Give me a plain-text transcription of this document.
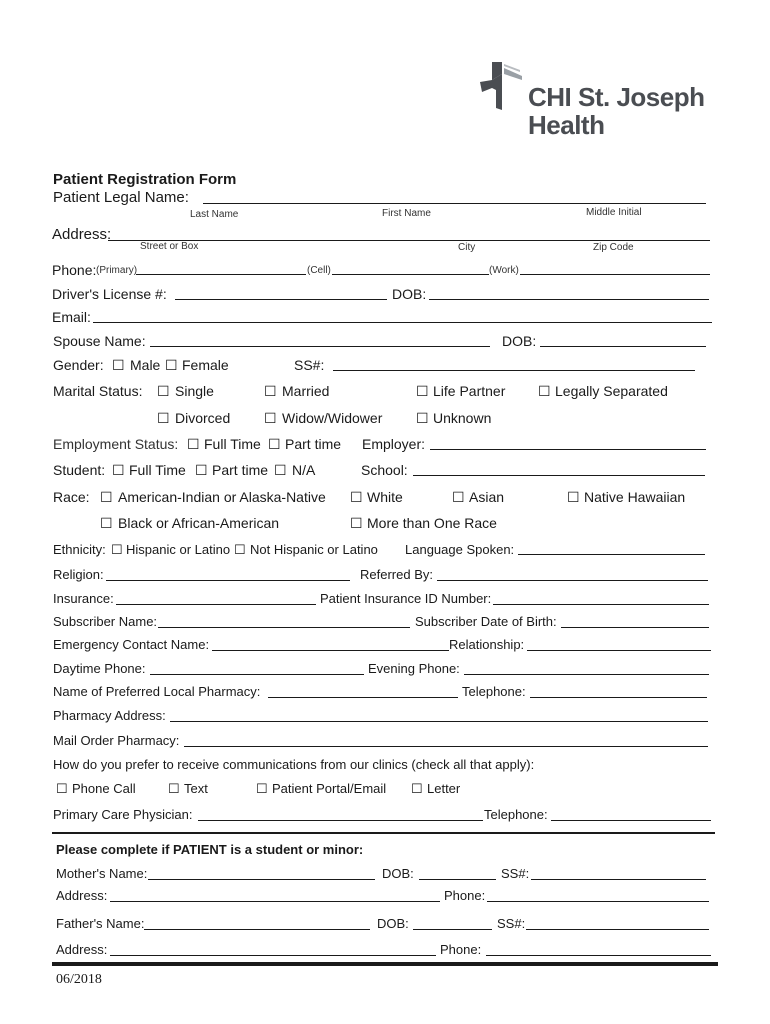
CHI St. Joseph
Health
Patient Registration Form
Patient Legal Name:
Last Name	First Name	Middle Initial
Address:
Street or Box	City	Zip Code
Phone: (Primary)	(Cell)	(Work)
Driver's License #:	DOB:
Email:
Spouse Name:	DOB:
Gender: ☐ Male ☐ Female	SS#:
Marital Status: ☐ Single	☐ Married	☐ Life Partner ☐ Legally Separated
☐ Divorced ☐ Widow/Widower ☐ Unknown
Employment Status: ☐ Full Time ☐ Part time Employer:
Student: ☐ Full Time ☐ Part time ☐ N/A	School:
Race: ☐ American-Indian or Alaska-Native ☐ White	☐ Asian	☐ Native Hawaiian
☐ Black or African-American	☐ More than One Race
Ethnicity: ☐ Hispanic or Latino ☐ Not Hispanic or Latino Language Spoken:
Religion:	Referred By:
Insurance:	Patient Insurance ID Number:
Subscriber Name:	Subscriber Date of Birth:
Emergency Contact Name:	Relationship:
Daytime Phone:	Evening Phone:
Name of Preferred Local Pharmacy:	Telephone:
Pharmacy Address:
Mail Order Pharmacy:
How do you prefer to receive communications from our clinics (check all that apply):
☐ Phone Call ☐ Text	☐ Patient Portal/Email ☐ Letter
Primary Care Physician:	Telephone:
Please complete if PATIENT is a student or minor:
Mother's Name:	DOB:	SS#:
Address:	Phone:
Father's Name:	DOB:	SS#:
Address:	Phone:
06/2018
